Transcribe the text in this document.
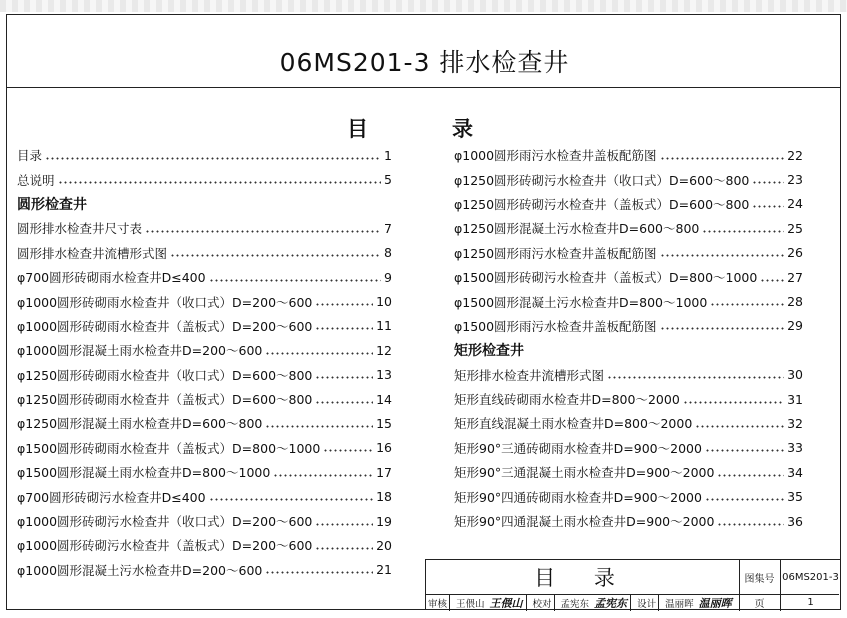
06MS201-3 排水检查井
目	录
目录	1
总说明	5
圆形检查井
圆形排水检查井尺寸表	7
圆形排水检查井流槽形式图	8
φ700圆形砖砌雨水检查井D≤400	9
φ1000圆形砖砌雨水检查井（收口式）D=200～600	10
φ1000圆形砖砌雨水检查井（盖板式）D=200～600	11
φ1000圆形混凝土雨水检查井D=200～600	12
φ1250圆形砖砌雨水检查井（收口式）D=600～800	13
φ1250圆形砖砌雨水检查井（盖板式）D=600～800	14
φ1250圆形混凝土雨水检查井D=600～800	15
φ1500圆形砖砌雨水检查井（盖板式）D=800～1000	16
φ1500圆形混凝土雨水检查井D=800～1000	17
φ700圆形砖砌污水检查井D≤400	18
φ1000圆形砖砌污水检查井（收口式）D=200～600	19
φ1000圆形砖砌污水检查井（盖板式）D=200～600	20
φ1000圆形混凝土污水检查井D=200～600	21
φ1000圆形雨污水检查井盖板配筋图	22
φ1250圆形砖砌污水检查井（收口式）D=600～800	23
φ1250圆形砖砌污水检查井（盖板式）D=600～800	24
φ1250圆形混凝土污水检查井D=600～800	25
φ1250圆形雨污水检查井盖板配筋图	26
φ1500圆形砖砌污水检查井（盖板式）D=800～1000 27
φ1500圆形混凝土污水检查井D=800～1000	28
φ1500圆形雨污水检查井盖板配筋图	29
矩形检查井
矩形排水检查井流槽形式图	30
矩形直线砖砌雨水检查井D=800～2000	31
矩形直线混凝土雨水检查井D=800～2000	32
矩形90°三通砖砌雨水检查井D=900～2000	33
矩形90°三通混凝土雨水检查井D=900～2000	34
矩形90°四通砖砌雨水检查井D=900～2000	35
矩形90°四通混凝土雨水检查井D=900～2000	36
目 录	图集号 06MS201-3
页	1
审核 王偎山 王偎山	校对 孟宪东 孟宪东	设计 温丽晖 温丽晖
